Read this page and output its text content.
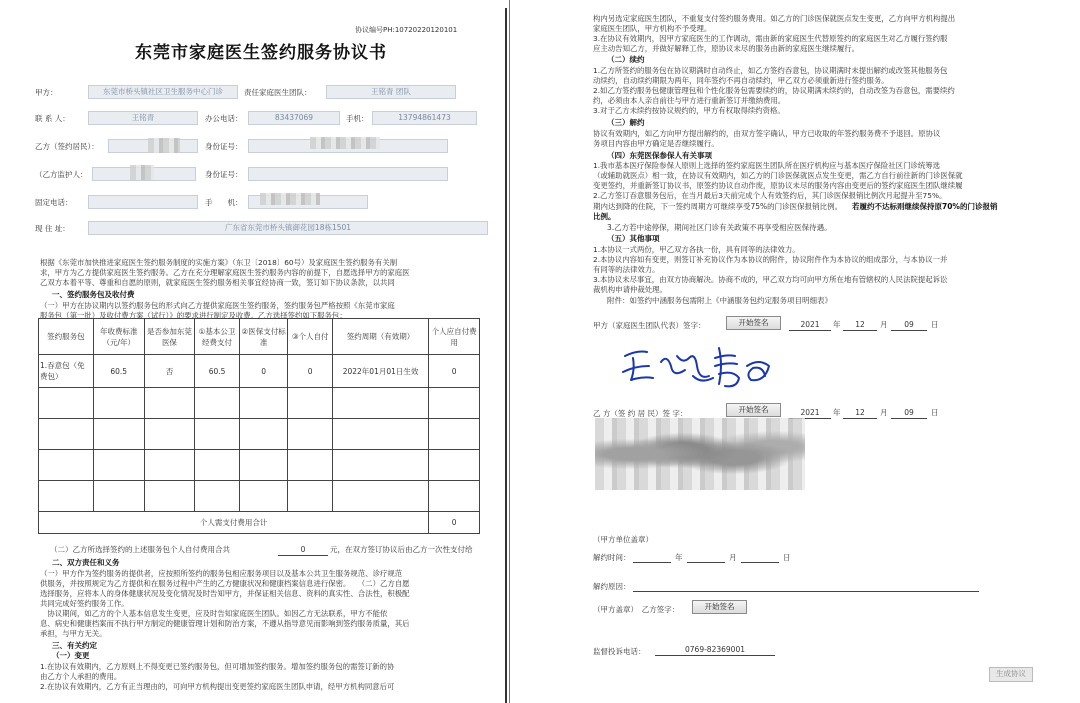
协议编号PH:10720220120101
东莞市家庭医生签约服务协议书
甲方：	东莞市桥头镇社区卫生服务中心门诊	责任家庭医生团队：	王铭青 团队
联 系 人：	王铭青	办公电话：	83437069	手机：	13794861473
乙方（签约居民）：	身份证号：
（乙方监护人：	身份证号：
固定电话：	手　　机：
现 住 址：	广东省东莞市桥头镇御花园18栋1501
根据《东莞市加快推进家庭医生签约服务制度的实施方案》（东卫〔2018〕60号）及家庭医生签约服务有关制
求，甲方为乙方提供家庭医生签约服务。乙方在充分理解家庭医生签约服务内容的前提下，自愿选择甲方的家庭医
乙双方本着平等、尊重和自愿的原则，就家庭医生签约服务相关事宜经协商一致，签订如下协议条款，以共同
一、签约服务包及收付费
（一）甲方在协议期内以签约服务包的形式向乙方提供家庭医生签约服务，签约服务包严格按照《东莞市家庭
服务包（第一批）及收付费方案（试行）》的要求进行制定及收费。乙方选择签约如下服务包：
签约服务包	年收费标准（元/年）	是否参加东莞医保	①基本公卫经费支付	②医保支付标准	③个人自付	签约周期（有效期）	个人应自付费用
1.吞意包（免费包）	60.5	否	60.5	0	0	2022年01月01日生效	0

个人需支付费用合计							0
（二）乙方所选择签约的上述服务包个人自付费用合共	0	元，在双方签订协议后由乙方一次性支付给
二、双方责任和义务
（一）甲方作为签约服务的提供者，应按照所签约的服务包相应服务项目以及基本公共卫生服务规范、诊疗规范
供服务，并按照规定为乙方提供和在服务过程中产生的乙方健康状况和健康档案信息进行保密。　　（二）乙方自愿
选择服务，应将本人的身体健康状况及变化情况及时告知甲方，并保证相关信息、资料的真实性、合法性，积极配
共同完成好签约服务工作。
　协议期间，如乙方的个人基本信息发生变更，应及时告知家庭医生团队。如因乙方无法联系，甲方不能依
息、病史和健康档案而不执行甲方制定的健康管理计划和防治方案，不遵从指导意见而影响到签约服务质量，其后
承担，与甲方无关。
三、有关约定
（一）变更
1.在协议有效期内，乙方原则上不得变更已签约服务包，但可增加签约服务。增加签约服务包的需签订新的协
由乙方个人承担的费用。
2.在协议有效期内，乙方有正当理由的，可向甲方机构提出变更签约家庭医生团队申请，经甲方机构同意后可
构内另选定家庭医生团队，不重复支付签约服务费用。如乙方的门诊医保就医点发生变更，乙方向甲方机构提出
家庭医生团队，甲方机构不予受理。
3.在协议有效期内，因甲方家庭医生的工作调动，需由新的家庭医生代替原签约的家庭医生对乙方履行签约服
应主动告知乙方，并做好解释工作，原协议未尽的服务由新的家庭医生继续履行。
（二）续约
1.乙方所签约的服务包在协议期满时自动终止，如乙方签约吞意包，协议期满时未提出解约或改签其他服务包
动续约，自动续约期限为两年，同年签约不再自动续约，甲乙双方必须重新进行签约服务。
2.如乙方签约服务包健康管理包和个性化服务包需要续约的，协议期满未续约的，自动改签为吞意包，需要续约
约，必须由本人亲自前往与甲方进行重新签订并缴纳费用。
3.对于乙方未续约按协议规约的，甲方有权取得续约资格。
（三）解约
协议有效期内，如乙方向甲方提出解约的，由双方签字确认，甲方已收取的年签约服务费不予退回。原协议
务项目内容由甲方确定是否继续履行。
（四）东莞医保参保人有关事项
1.我市基本医疗保险参保人原则上选择的签约家庭医生团队所在医疗机构应与基本医疗保险社区门诊统筹选
（或辅助就医点）相一致，在协议有效期内，如乙方的门诊医保就医点发生变更，需乙方自行前往新的门诊医保就
变更签约，并重新签订协议书，原签约协议自动作废，原协议未尽的服务内容由变更后的签约家庭医生团队继续履
2.乙方签订吞意服务包后，在当月最后3天前完成个人有效签约后，其门诊医保报销比例次月起提升至75%。
期内达到降的住院，下一签约周期方可继续享受75%的门诊医保报销比例。 若履约不达标则继续保持原70%的门诊报销
比例。
3.乙方若中途停保，期间社区门诊有关政策不再享受相应医保待遇。
（五）其他事项
1.本协议一式两份，甲乙双方各执一份，具有同等的法律效力。
2.本协议内容如有变更，则签订补充协议作为本协议的附件，协议附件作为本协议的组成部分，与本协议一并
有同等的法律效力。
3.本协议未尽事宜，由双方协商解决。协商不成的，甲乙双方均可向甲方所在地有管辖权的人民法院提起诉讼
裁机构申请仲裁处理。
附件：如签约中涵服务包需附上《中涵服务包约定服务项目明细表》
甲方（家庭医生团队代表）签字：	开始签名	2021	年	12	月	09	日
乙 方（签 约 居 民）签 字：	开始签名	2021	年	12	月	09	日
（甲方单位盖章）
解约时间：	年	月	日
解约原因：
（甲方盖章）　乙方签字：	开始签名
监督投诉电话：	0769-82369001
生成协议
